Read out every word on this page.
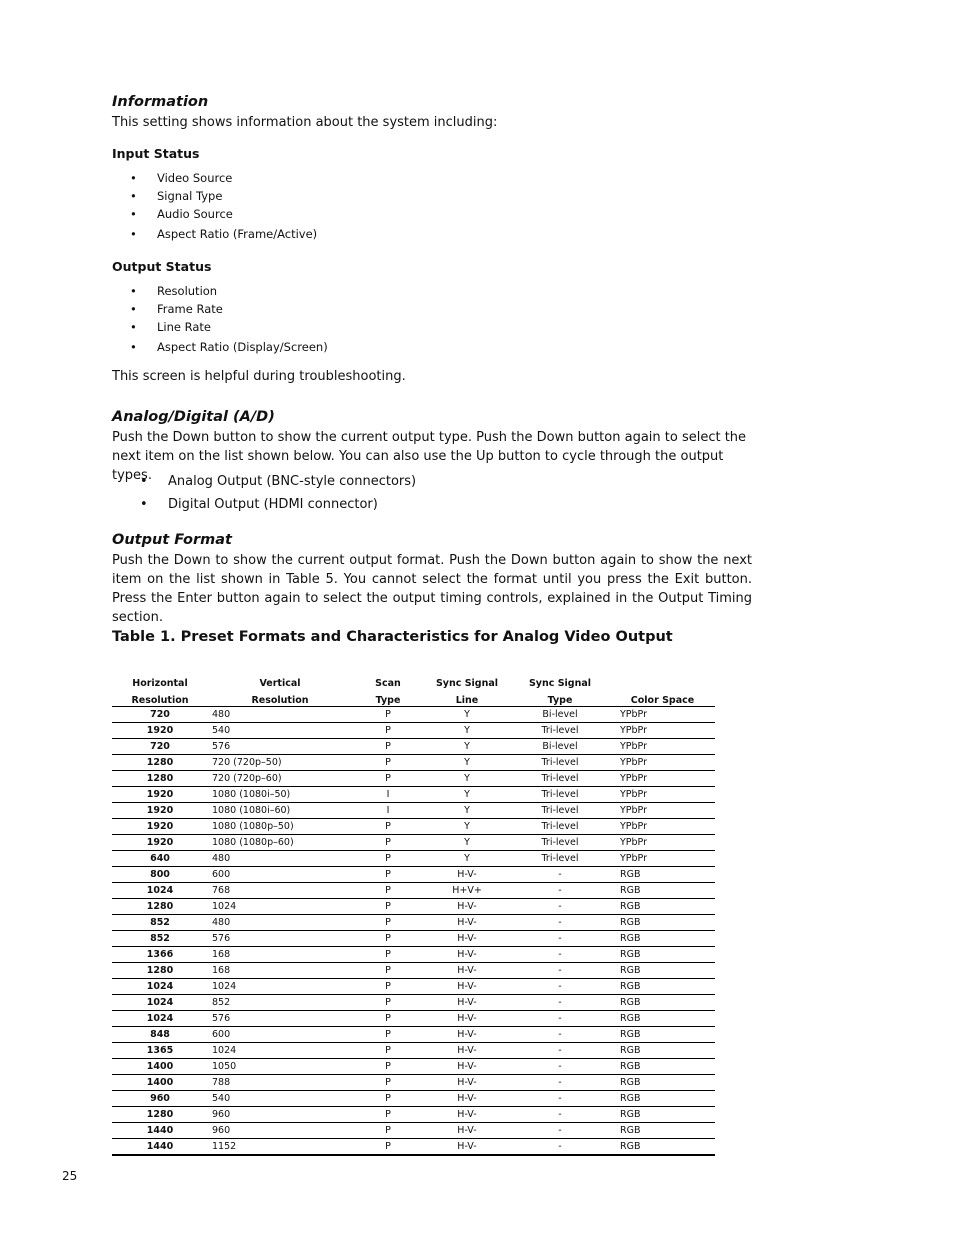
Information
This setting shows information about the system including:
Input Status
• Video Source
• Signal Type
• Audio Source
• Aspect Ratio (Frame/Active)
Output Status
• Resolution
• Frame Rate
• Line Rate
• Aspect Ratio (Display/Screen)
This screen is helpful during troubleshooting.
Analog/Digital (A/D)
Push the Down button to show the current output type. Push the Down button again to select the next item on the list shown below. You can also use the Up button to cycle through the output types.	• Analog Output (BNC-style connectors)
• Digital Output (HDMI connector)
Output Format
Push the Down to show the current output format. Push the Down button again to show the next item on the list shown in Table 5. You cannot select the format until you press the Exit button. Press the Enter button again to select the output timing controls, explained in the Output Timing section.
Table 1. Preset Formats and Characteristics for Analog Video Output
Horizontal	Vertical	Scan	Sync Signal	Sync Signal	
Resolution	Resolution	Type	Line	Type	Color Space
720	480	P	Y	Bi-level	YPbPr
1920	540	P	Y	Tri-level	YPbPr
720	576	P	Y	Bi-level	YPbPr
1280	720 (720p–50)	P	Y	Tri-level	YPbPr
1280	720 (720p–60)	P	Y	Tri-level	YPbPr
1920	1080 (1080i–50)	I	Y	Tri-level	YPbPr
1920	1080 (1080i–60)	I	Y	Tri-level	YPbPr
1920	1080 (1080p–50)	P	Y	Tri-level	YPbPr
1920	1080 (1080p–60)	P	Y	Tri-level	YPbPr
640	480	P	Y	Tri-level	YPbPr
800	600	P	H-V-	-	RGB
1024	768	P	H+V+	-	RGB
1280	1024	P	H-V-	-	RGB
852	480	P	H-V-	-	RGB
852	576	P	H-V-	-	RGB
1366	168	P	H-V-	-	RGB
1280	168	P	H-V-	-	RGB
1024	1024	P	H-V-	-	RGB
1024	852	P	H-V-	-	RGB
1024	576	P	H-V-	-	RGB
848	600	P	H-V-	-	RGB
1365	1024	P	H-V-	-	RGB
1400	1050	P	H-V-	-	RGB
1400	788	P	H-V-	-	RGB
960	540	P	H-V-	-	RGB
1280	960	P	H-V-	-	RGB
1440	960	P	H-V-	-	RGB
1440	1152	P	H-V-	-	RGB
25
